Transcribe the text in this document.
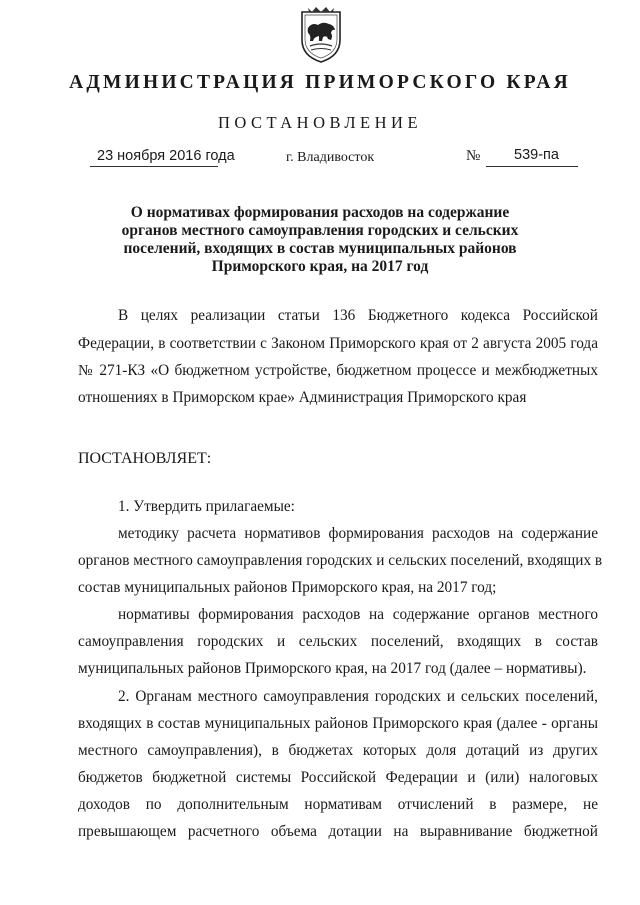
АДМИНИСТРАЦИЯ ПРИМОРСКОГО КРАЯ
ПОСТАНОВЛЕНИЕ
23 ноября 2016 года	г. Владивосток	№ 539-па
О нормативах формирования расходов на содержание
органов местного самоуправления городских и сельских
поселений, входящих в состав муниципальных районов
Приморского края, на 2017 год
В целях реализации статьи 136 Бюджетного кодекса Российской
Федерации, в соответствии с Законом Приморского края от 2 августа 2005 года
№ 271-КЗ «О бюджетном устройстве, бюджетном процессе и межбюджетных
отношениях в Приморском крае» Администрация Приморского края
ПОСТАНОВЛЯЕТ:
1. Утвердить прилагаемые:
методику расчета нормативов формирования расходов на содержание
органов местного самоуправления городских и сельских поселений, входящих в
состав муниципальных районов Приморского края, на 2017 год;
нормативы формирования расходов на содержание органов местного
самоуправления городских и сельских поселений, входящих в состав
муниципальных районов Приморского края, на 2017 год (далее – нормативы).
2. Органам местного самоуправления городских и сельских поселений,
входящих в состав муниципальных районов Приморского края (далее - органы
местного самоуправления), в бюджетах которых доля дотаций из других
бюджетов бюджетной системы Российской Федерации и (или) налоговых
доходов по дополнительным нормативам отчислений в размере, не
превышающем расчетного объема дотации на выравнивание бюджетной
